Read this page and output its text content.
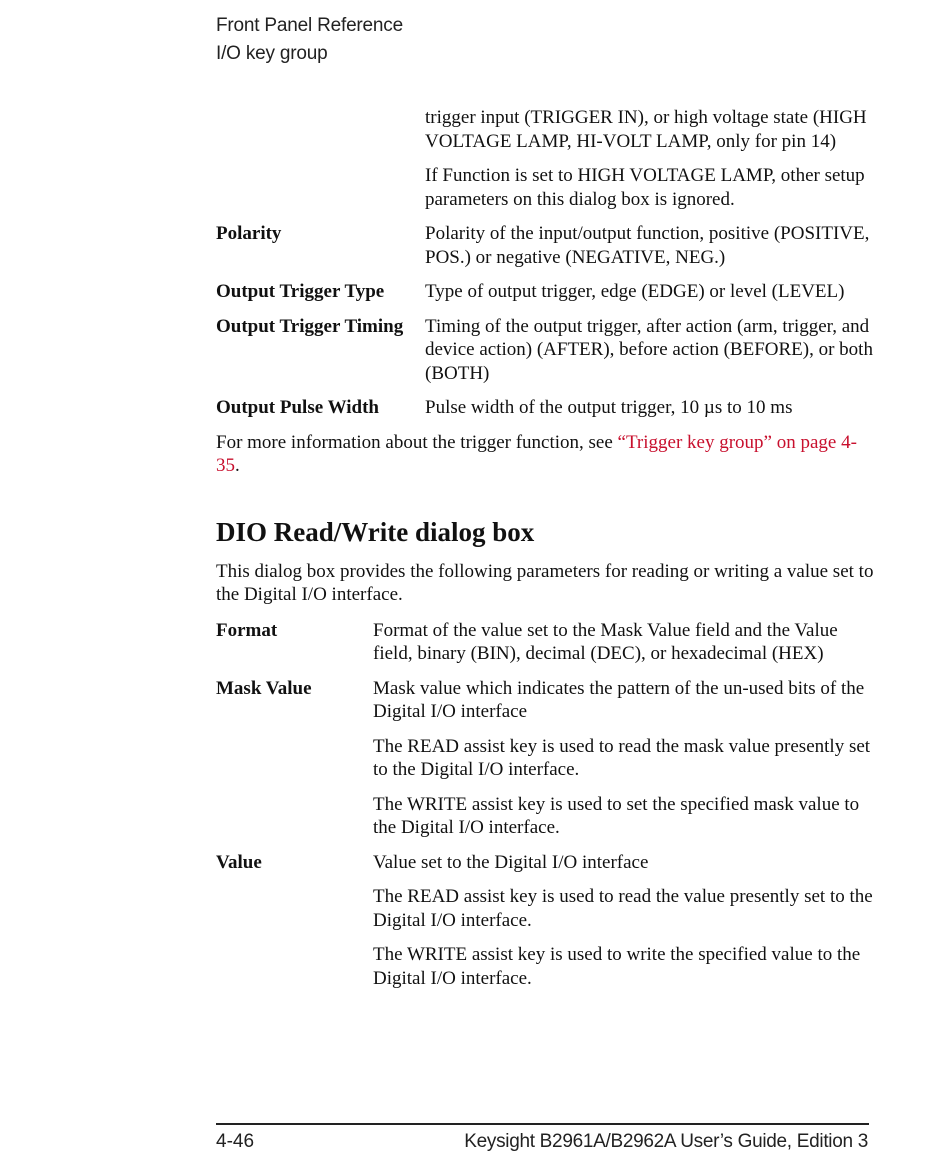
Front Panel Reference
I/O key group

trigger input (TRIGGER IN), or high voltage state (HIGH VOLTAGE LAMP, HI-VOLT LAMP, only for pin 14)

If Function is set to HIGH VOLTAGE LAMP, other setup parameters on this dialog box is ignored.

Polarity	Polarity of the input/output function, positive (POSITIVE, POS.) or negative (NEGATIVE, NEG.)

Output Trigger Type	Type of output trigger, edge (EDGE) or level (LEVEL)

Output Trigger Timing	Timing of the output trigger, after action (arm, trigger, and device action) (AFTER), before action (BEFORE), or both (BOTH)

Output Pulse Width	Pulse width of the output trigger, 10 µs to 10 ms

For more information about the trigger function, see “Trigger key group” on page 4-35.

DIO Read/Write dialog box

This dialog box provides the following parameters for reading or writing a value set to the Digital I/O interface.

Format	Format of the value set to the Mask Value field and the Value field, binary (BIN), decimal (DEC), or hexadecimal (HEX)

Mask Value	Mask value which indicates the pattern of the un-used bits of the Digital I/O interface

The READ assist key is used to read the mask value presently set to the Digital I/O interface.

The WRITE assist key is used to set the specified mask value to the Digital I/O interface.

Value	Value set to the Digital I/O interface

The READ assist key is used to read the value presently set to the Digital I/O interface.

The WRITE assist key is used to write the specified value to the Digital I/O interface.

4-46	Keysight B2961A/B2962A User’s Guide, Edition 3
